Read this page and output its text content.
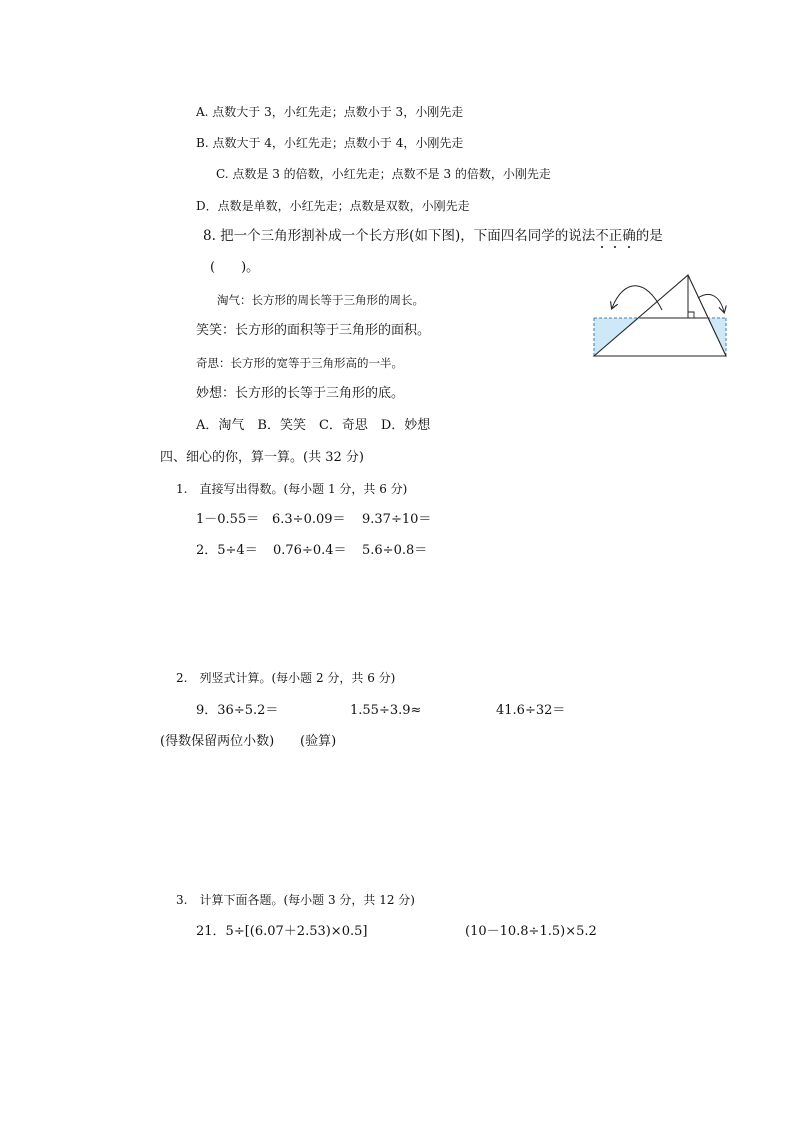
A. 点数大于 3，小红先走；点数小于 3，小刚先走
B. 点数大于 4，小红先走；点数小于 4，小刚先走
C. 点数是 3 的倍数，小红先走；点数不是 3 的倍数，小刚先走
D．点数是单数，小红先走；点数是双数，小刚先走
8. 把一个三角形割补成一个长方形(如下图)，下面四名同学的说法不正确的是
(　　)。
淘气：长方形的周长等于三角形的周长。
笑笑：长方形的面积等于三角形的面积。
奇思：长方形的宽等于三角形高的一半。
妙想：长方形的长等于三角形的底。
A．淘气　B．笑笑　C．奇思　D．妙想
四、细心的你，算一算。(共 32 分)
1.　直接写出得数。(每小题 1 分，共 6 分)
1－0.55＝ 6.3÷0.09＝ 9.37÷10＝
2．5÷4＝ 0.76÷0.4＝ 5.6÷0.8＝
2.　列竖式计算。(每小题 2 分，共 6 分)
9．36÷5.2＝	1.55÷3.9≈	41.6÷32＝
(得数保留两位小数) (验算)
3.　计算下面各题。(每小题 3 分，共 12 分)
21．5÷[(6.07＋2.53)×0.5]	(10－10.8÷1.5)×5.2
